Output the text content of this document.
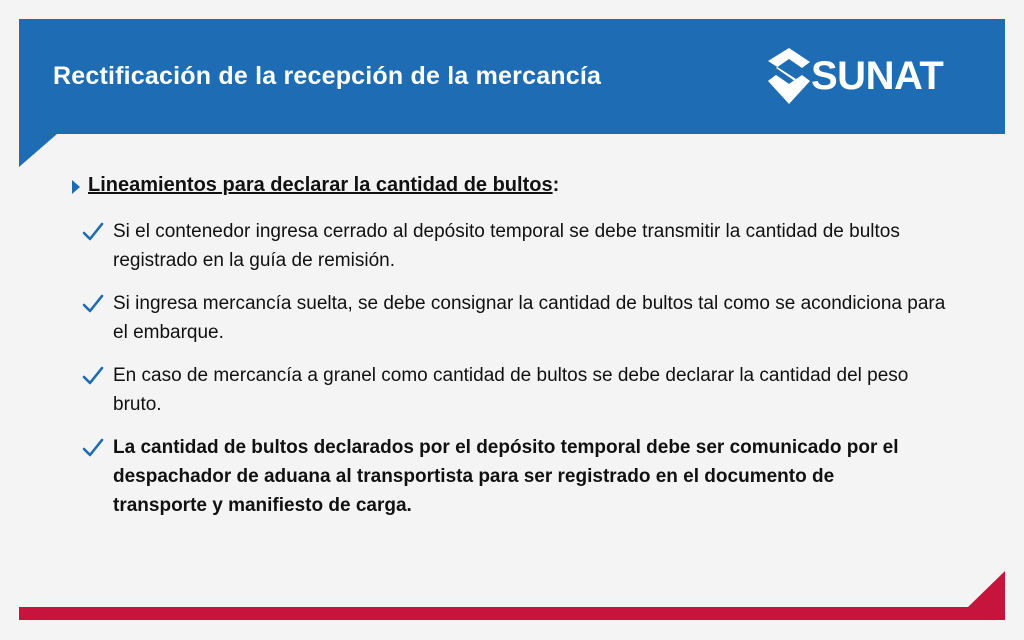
Rectificación de la recepción de la mercancía	SUNAT
Lineamientos para declarar la cantidad de bultos:
Si el contenedor ingresa cerrado al depósito temporal se debe transmitir la cantidad de bultos registrado en la guía de remisión.
Si ingresa mercancía suelta, se debe consignar la cantidad de bultos tal como se acondiciona para el embarque.
En caso de mercancía a granel como cantidad de bultos se debe declarar la cantidad del peso bruto.
La cantidad de bultos declarados por el depósito temporal debe ser comunicado por el despachador de aduana al transportista para ser registrado en el documento de transporte y manifiesto de carga.
